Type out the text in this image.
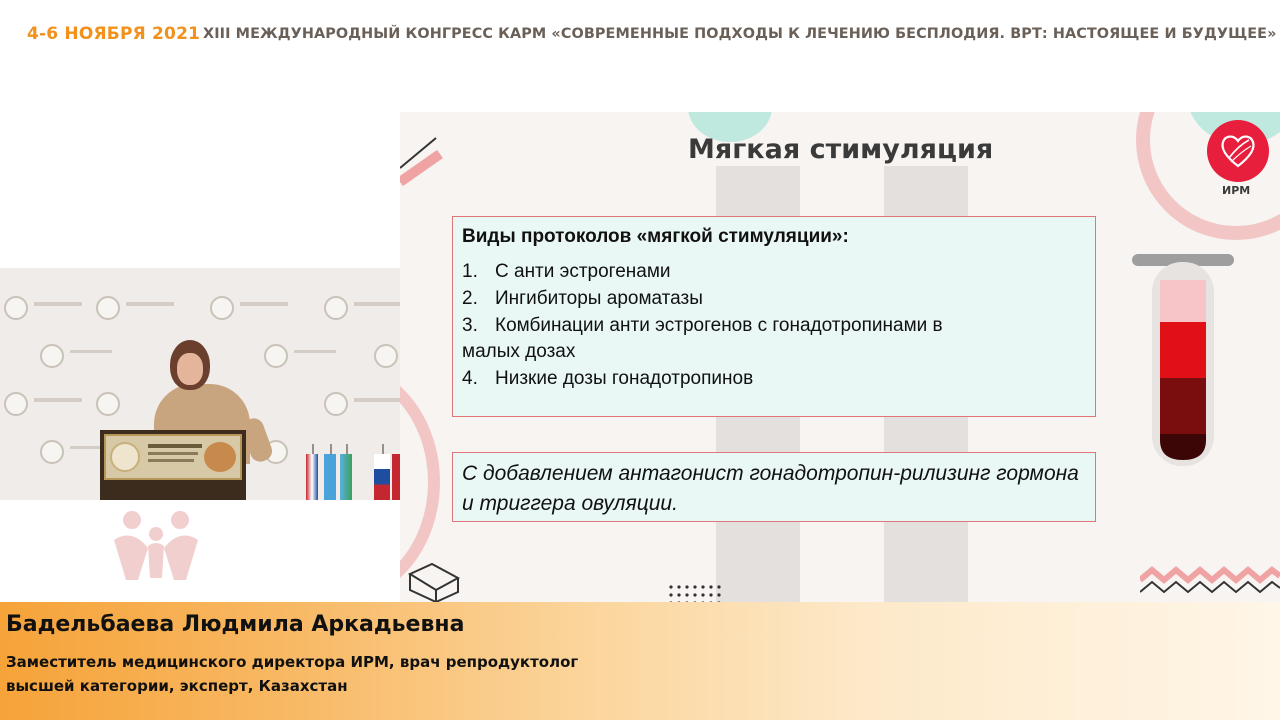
4-6 НОЯБРЯ 2021 XIII МЕЖДУНАРОДНЫЙ КОНГРЕСС КАРМ «СОВРЕМЕННЫЕ ПОДХОДЫ К ЛЕЧЕНИЮ БЕСПЛОДИЯ. ВРТ: НАСТОЯЩЕЕ И БУДУЩЕЕ»
ИРМ
Мягкая стимуляция
Виды протоколов «мягкой стимуляции»:
1. С анти эстрогенами
2. Ингибиторы ароматазы
3. Комбинации анти эстрогенов с гонадотропинами в
малых дозах
4. Низкие дозы гонадотропинов
С добавлением антагонист гонадотропин-рилизинг гормона и триггера овуляции.
Бадельбаева Людмила Аркадьевна
Заместитель медицинского директора ИРМ, врач репродуктолог высшей категории, эксперт, Казахстан
